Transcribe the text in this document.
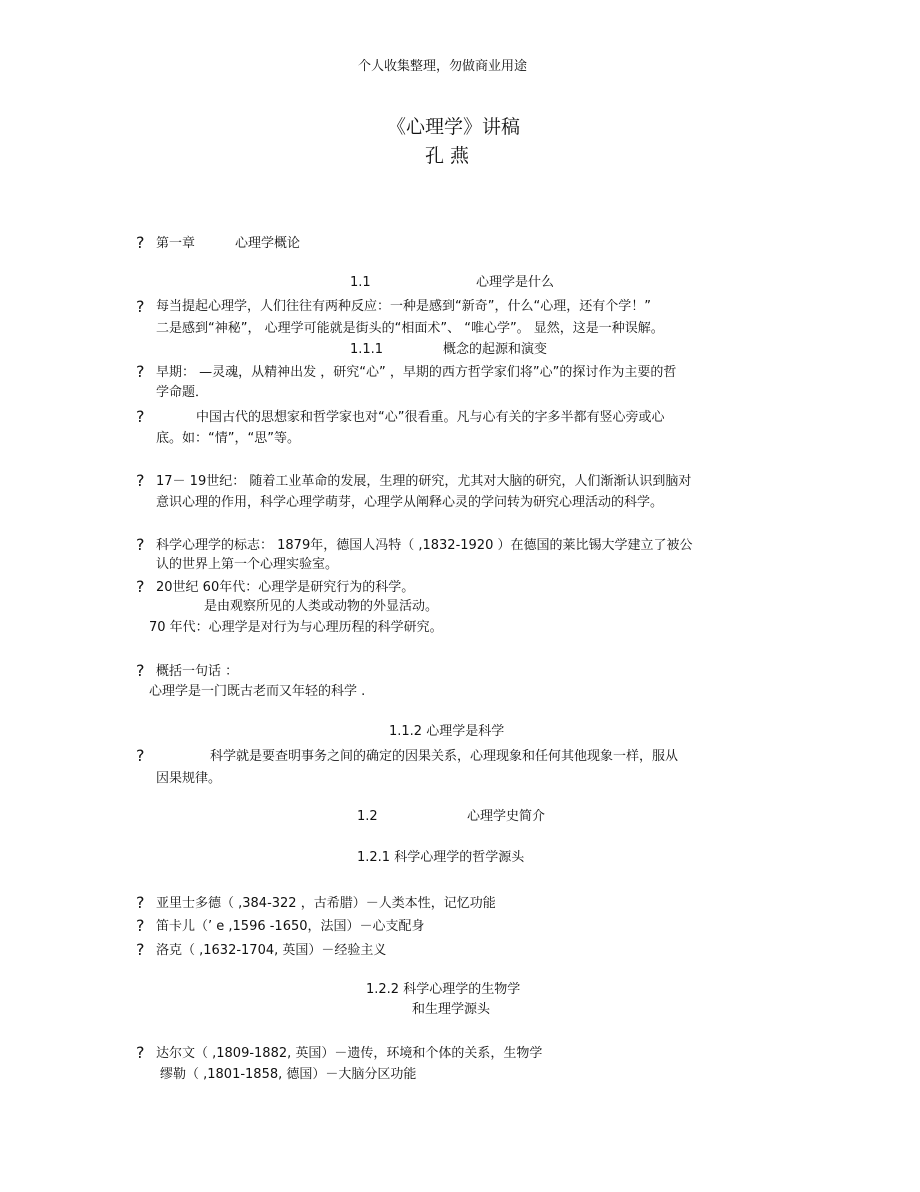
个人收集整理，勿做商业用途
《心理学》讲稿
孔 燕
? 第一章	心理学概论
1.1	心理学是什么
? 每当提起心理学，人们往往有两种反应：一种是感到“新奇”，什么“心理，还有个学！”
二是感到“神秘”， 心理学可能就是街头的“相面术”、 “唯心学”。 显然，这是一种误解。
1.1.1	概念的起源和演变
? 早期： —灵魂，从精神出发 ，研究“心” ，早期的西方哲学家们将”心”的探讨作为主要的哲
学命题．
?	中国古代的思想家和哲学家也对“心”很看重。凡与心有关的字多半都有竖心旁或心
底。如：“情”，“思”等。
? 17－ 19世纪： 随着工业革命的发展，生理的研究，尤其对大脑的研究，人们渐渐认识到脑对
意识心理的作用，科学心理学萌芽，心理学从阐释心灵的学问转为研究心理活动的科学。
? 科学心理学的标志： 1879年，德国人冯特（ ,1832-1920 ）在德国的莱比锡大学建立了被公
认的世界上第一个心理实验室。
? 20世纪 60年代：心理学是研究行为的科学。
是由观察所见的人类或动物的外显活动。
70 年代：心理学是对行为与心理历程的科学研究。
? 概括一句话 ：
心理学是一门既古老而又年轻的科学 .
1.1.2 心理学是科学
?	科学就是要查明事务之间的确定的因果关系，心理现象和任何其他现象一样，服从
因果规律。
1.2	心理学史简介
1.2.1 科学心理学的哲学源头
? 亚里士多德（ ,384-322 ，古希腊）－人类本性，记忆功能
? 笛卡儿（’ e ,1596 -1650，法国）－心支配身
? 洛克（ ,1632-1704, 英国）－经验主义
1.2.2 科学心理学的生物学
和生理学源头
? 达尔文（ ,1809-1882, 英国）－遗传，环境和个体的关系，生物学
缪勒（ ,1801-1858, 德国）－大脑分区功能
